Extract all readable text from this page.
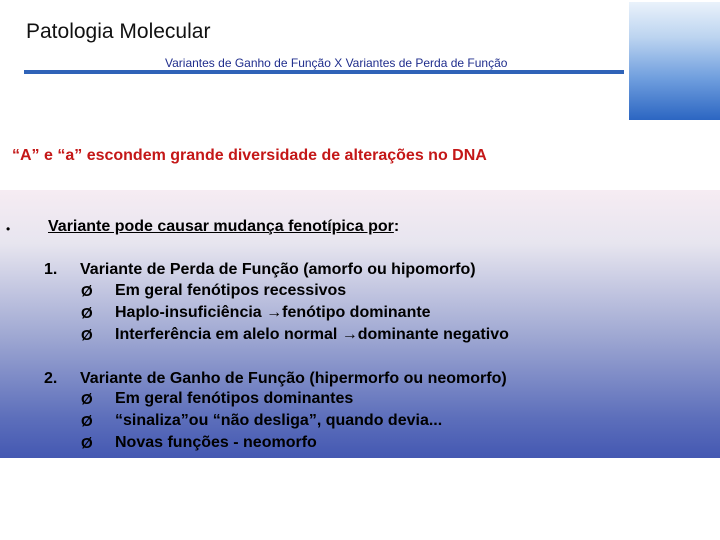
Patologia Molecular
Variantes de Ganho de Função X Variantes de Perda de Função
“A” e “a” escondem grande diversidade de alterações no DNA
• Variante pode causar mudança fenotípica por:
1. Variante de Perda de Função (amorfo ou hipomorfo)
Ø Em geral fenótipos recessivos
Ø Haplo-insuficiência →fenótipo dominante
Ø Interferência em alelo normal →dominante negativo
2. Variante de Ganho de Função (hipermorfo ou neomorfo)
Ø Em geral fenótipos dominantes
Ø “sinaliza”ou “não desliga”, quando devia...
Ø Novas funções - neomorfo
